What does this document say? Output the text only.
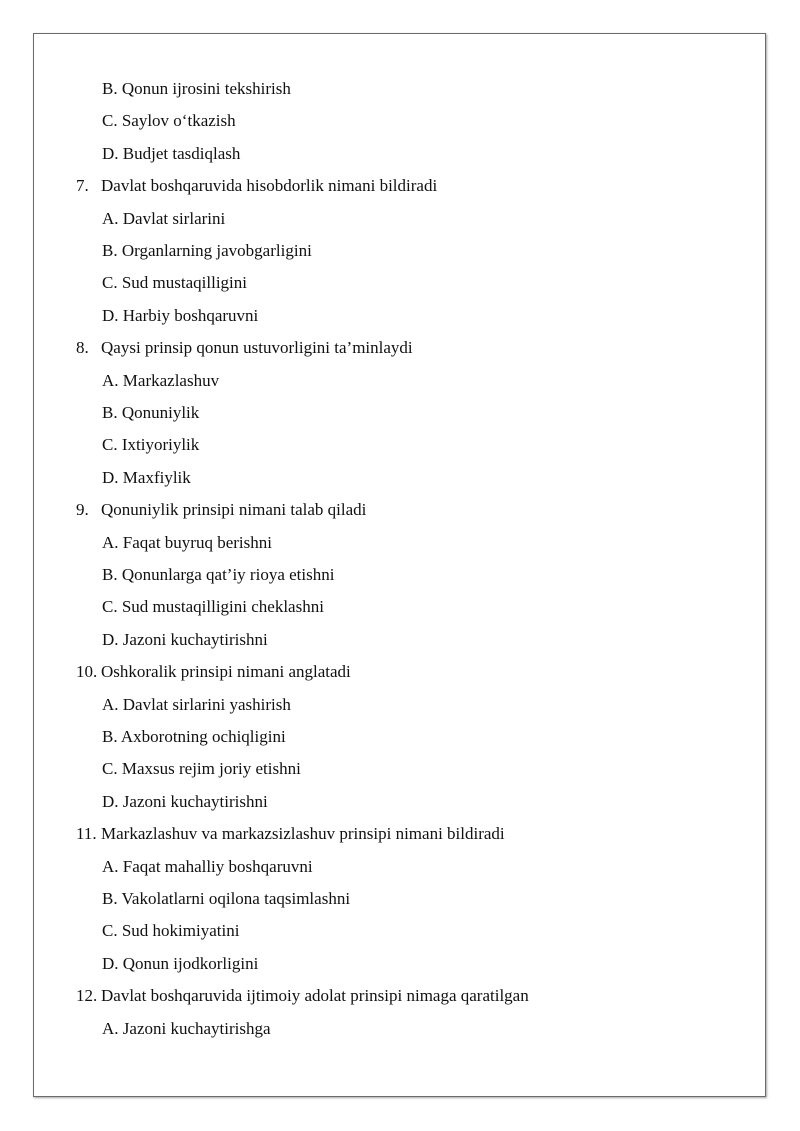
B. Qonun ijrosini tekshirish
C. Saylov o‘tkazish
D. Budjet tasdiqlash
7. Davlat boshqaruvida hisobdorlik nimani bildiradi
A. Davlat sirlarini
B. Organlarning javobgarligini
C. Sud mustaqilligini
D. Harbiy boshqaruvni
8. Qaysi prinsip qonun ustuvorligini ta’minlaydi
A. Markazlashuv
B. Qonuniylik
C. Ixtiyoriylik
D. Maxfiylik
9. Qonuniylik prinsipi nimani talab qiladi
A. Faqat buyruq berishni
B. Qonunlarga qat’iy rioya etishni
C. Sud mustaqilligini cheklashni
D. Jazoni kuchaytirishni
10. Oshkoralik prinsipi nimani anglatadi
A. Davlat sirlarini yashirish
B. Axborotning ochiqligini
C. Maxsus rejim joriy etishni
D. Jazoni kuchaytirishni
11. Markazlashuv va markazsizlashuv prinsipi nimani bildiradi
A. Faqat mahalliy boshqaruvni
B. Vakolatlarni oqilona taqsimlashni
C. Sud hokimiyatini
D. Qonun ijodkorligini
12. Davlat boshqaruvida ijtimoiy adolat prinsipi nimaga qaratilgan
A. Jazoni kuchaytirishga
